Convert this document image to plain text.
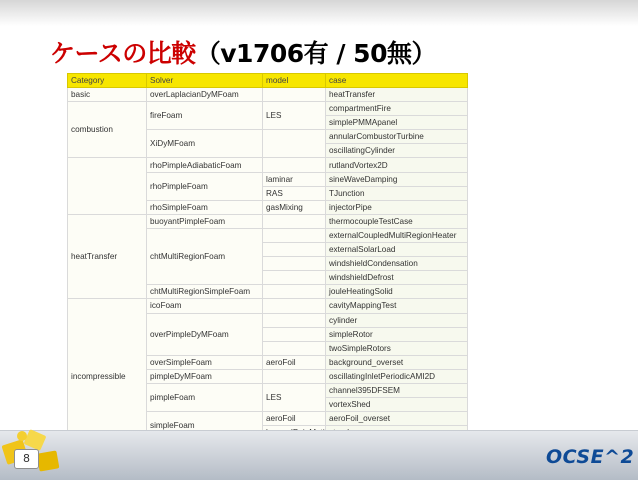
ケースの比較（v1706有 / 50無）
Category	Solver	model	case
basic	overLaplacianDyMFoam		heatTransfer
combustion	fireFoam	LES	compartmentFire
			simplePMMApanel
	XiDyMFoam		annularCombustorTurbine
			oscillatingCylinder
	rhoPimpleAdiabaticFoam		rutlandVortex2D
	rhoPimpleFoam	laminar	sineWaveDamping
		RAS	TJunction
	rhoSimpleFoam	gasMixing	injectorPipe
heatTransfer	buoyantPimpleFoam		thermocoupleTestCase
	chtMultiRegionFoam		externalCoupledMultiRegionHeater
			externalSolarLoad
			windshieldCondensation
			windshieldDefrost
	chtMultiRegionSimpleFoam		jouleHeatingSolid
incompressible	icoFoam		cavityMappingTest
	overPimpleDyMFoam		cylinder
			simpleRotor
			twoSimpleRotors
	overSimpleFoam	aeroFoil	background_overset
	pimpleDyMFoam		oscillatingInletPeriodicAMI2D
	pimpleFoam	LES	channel395DFSEM
			vortexShed
	simpleFoam	aeroFoil	aeroFoil_overset

8	OCSE^2
